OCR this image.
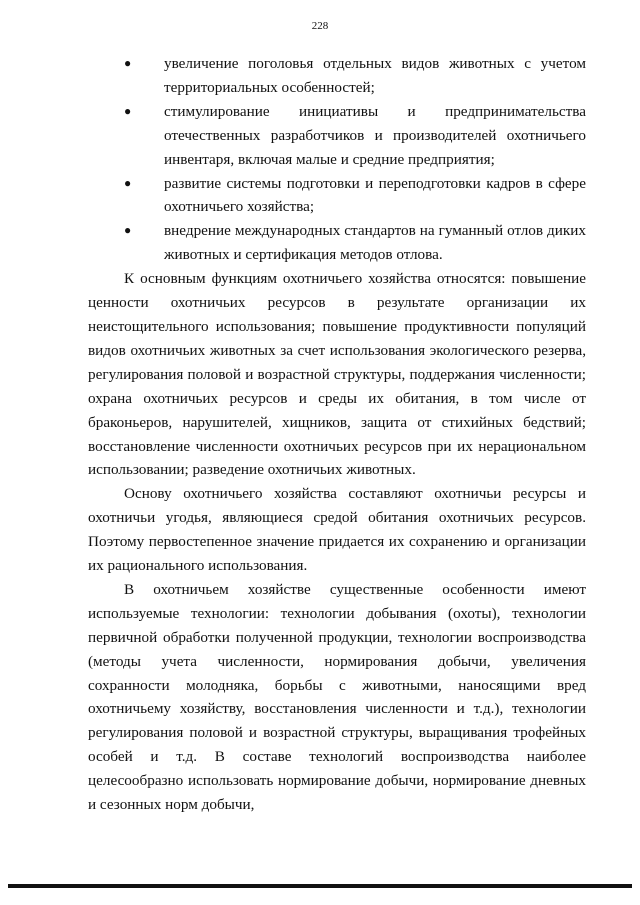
228
● увеличение поголовья отдельных видов животных с учетом территориальных особенностей;
● стимулирование инициативы и предпринимательства отечественных разработчиков и производителей охотничьего инвентаря, включая малые и средние предприятия;
● развитие системы подготовки и переподготовки кадров в сфере охотничьего хозяйства;
● внедрение международных стандартов на гуманный отлов диких животных и сертификация методов отлова.

К основным функциям охотничьего хозяйства относятся: повышение ценности охотничьих ресурсов в результате организации их неистощительного использования; повышение продуктивности популяций видов охотничьих животных за счет использования экологического резерва, регулирования половой и возрастной структуры, поддержания численности; охрана охотничьих ресурсов и среды их обитания, в том числе от браконьеров, нарушителей, хищников, защита от стихийных бедствий; восстановление численности охотничьих ресурсов при их нерациональном использовании; разведение охотничьих животных.

Основу охотничьего хозяйства составляют охотничьи ресурсы и охотничьи угодья, являющиеся средой обитания охотничьих ресурсов. Поэтому первостепенное значение придается их сохранению и организации их рационального использования.

В охотничьем хозяйстве существенные особенности имеют используемые технологии: технологии добывания (охоты), технологии первичной обработки полученной продукции, технологии воспроизводства (методы учета численности, нормирования добычи, увеличения сохранности молодняка, борьбы с животными, наносящими вред охотничьему хозяйству, восстановления численности и т.д.), технологии регулирования половой и возрастной структуры, выращивания трофейных особей и т.д. В составе технологий воспроизводства наиболее целесообразно использовать нормирование добычи, нормирование дневных и сезонных норм добычи,
